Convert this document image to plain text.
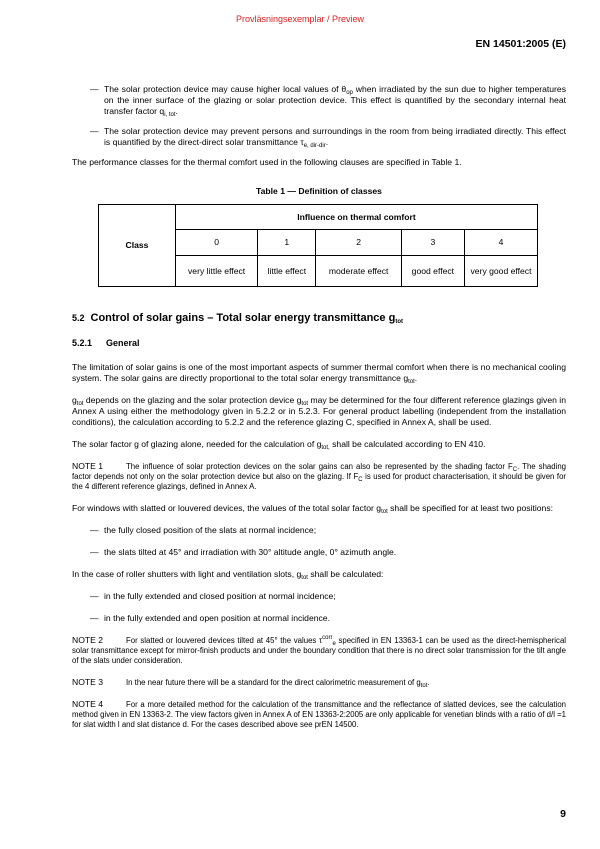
Provläsningsexemplar / Preview
EN 14501:2005 (E)
— The solar protection device may cause higher local values of $\theta_{op}$ when irradiated by the sun due to higher temperatures on the inner surface of the glazing or solar protection device. This effect is quantified by the secondary internal heat transfer factor $q_{i, tot}$.
— The solar protection device may prevent persons and surroundings in the room from being irradiated directly. This effect is quantified by the direct-direct solar transmittance $\tau_{e, dir-dir}$.

The performance classes for the thermal comfort used in the following clauses are specified in Table 1.

Table 1 — Definition of classes
Class	Influence on thermal comfort				
	0	1	2	3	4
	very little effect	little effect	moderate effect	good effect	very good effect
5.2 Control of solar gains – Total solar energy transmittance $g_{tot}$
5.2.1 General

The limitation of solar gains is one of the most important aspects of summer thermal comfort when there is no mechanical cooling system. The solar gains are directly proportional to the total solar energy transmittance $g_{tot}$.

$g_{tot}$ depends on the glazing and the solar protection device $g_{tot}$ may be determined for the four different reference glazings given in Annex A using either the methodology given in 5.2.2 or in 5.2.3. For general product labelling (independent from the installation conditions), the calculation according to 5.2.2 and the reference glazing C, specified in Annex A, shall be used.

The solar factor g of glazing alone, needed for the calculation of $g_{tot,}$ shall be calculated according to EN 410.

NOTE 1	The influence of solar protection devices on the solar gains can also be represented by the shading factor $F_C$. The shading factor depends not only on the solar protection device but also on the glazing. If $F_C$ is used for product characterisation, it should be given for the 4 different reference glazings, defined in Annex A.

For windows with slatted or louvered devices, the values of the total solar factor $g_{tot}$ shall be specified for at least two positions:

— the fully closed position of the slats at normal incidence;
— the slats tilted at 45° and irradiation with 30° altitude angle, 0° azimuth angle.

In the case of roller shutters with light and ventilation slots, $g_{tot}$ shall be calculated:

— in the fully extended and closed position at normal incidence;
— in the fully extended and open position at normal incidence.

NOTE 2	For slatted or louvered devices tilted at 45° the values $\tau^{corr}_e$ specified in EN 13363-1 can be used as the direct-hemispherical solar transmittance except for mirror-finish products and under the boundary condition that there is no direct solar transmission for the tilt angle of the slats under consideration.

NOTE 3	In the near future there will be a standard for the direct calorimetric measurement of $g_{tot}$.

NOTE 4	For a more detailed method for the calculation of the transmittance and the reflectance of slatted devices, see the calculation method given in EN 13363-2. The view factors given in Annex A of EN 13363-2:2005 are only applicable for venetian blinds with a ratio of d/l =1 for slat width l and slat distance d. For the cases described above see prEN 14500.

9
